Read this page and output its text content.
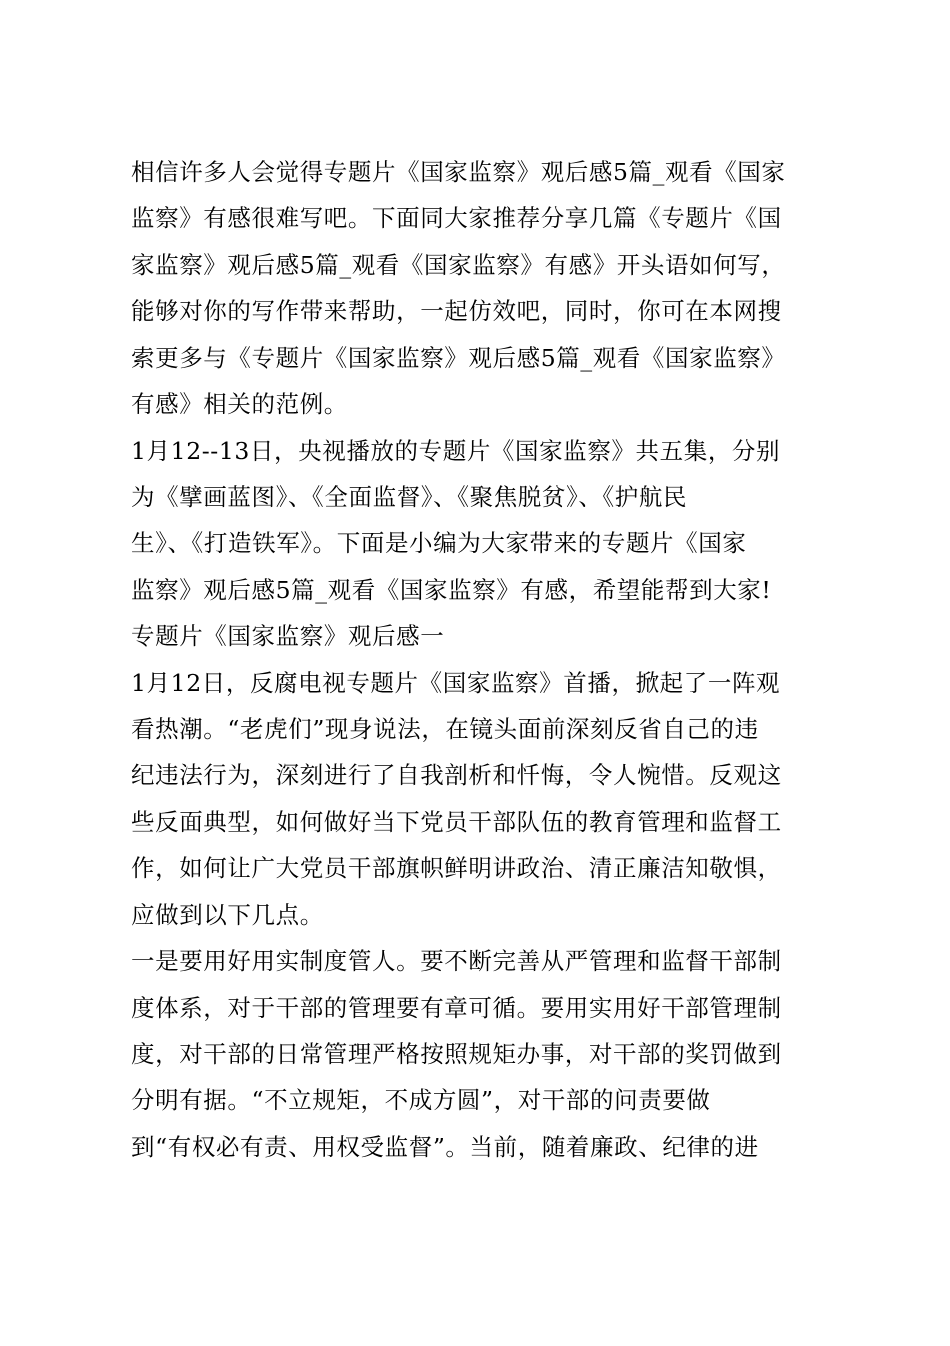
相信许多人会觉得专题片《国家监察》观后感5篇_观看《国家
监察》有感很难写吧。下面同大家推荐分享几篇《专题片《国
家监察》观后感5篇_观看《国家监察》有感》开头语如何写，
能够对你的写作带来帮助，一起仿效吧，同时，你可在本网搜
索更多与《专题片《国家监察》观后感5篇_观看《国家监察》
有感》相关的范例。
1月12--13日，央视播放的专题片《国家监察》共五集，分别
为《擘画蓝图》、《全面监督》、《聚焦脱贫》、《护航民
生》、《打造铁军》。下面是小编为大家带来的专题片《国家
监察》观后感5篇_观看《国家监察》有感，希望能帮到大家!
专题片《国家监察》观后感一
1月12日，反腐电视专题片《国家监察》首播，掀起了一阵观
看热潮。“老虎们”现身说法，在镜头面前深刻反省自己的违
纪违法行为，深刻进行了自我剖析和忏悔，令人惋惜。反观这
些反面典型，如何做好当下党员干部队伍的教育管理和监督工
作，如何让广大党员干部旗帜鲜明讲政治、清正廉洁知敬惧，
应做到以下几点。
一是要用好用实制度管人。要不断完善从严管理和监督干部制
度体系，对于干部的管理要有章可循。要用实用好干部管理制
度，对干部的日常管理严格按照规矩办事，对干部的奖罚做到
分明有据。“不立规矩，不成方圆”，对干部的问责要做
到“有权必有责、用权受监督”。当前，随着廉政、纪律的进
